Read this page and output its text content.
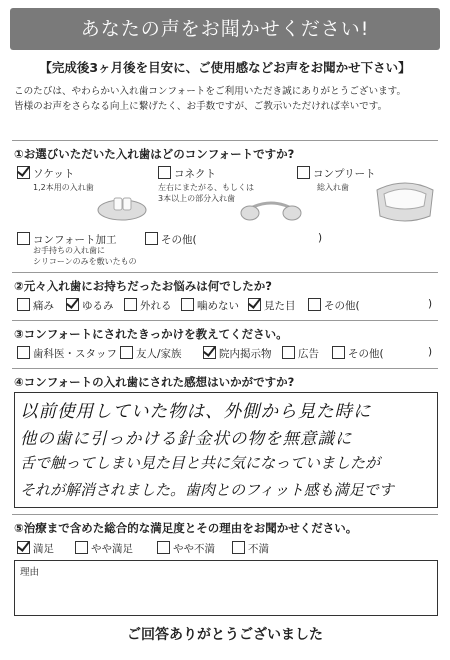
あなたの声をお聞かせください!
【完成後3ヶ月後を目安に、ご使用感などお声をお聞かせ下さい】
このたびは、やわらかい入れ歯コンフォートをご利用いただき誠にありがとうございます。
皆様のお声をさらなる向上に繋げたく、お手数ですが、ご教示いただければ幸いです。
①お選びいただいた入れ歯はどのコンフォートですか?
ソケット
1,2本用の入れ歯
コネクト
左右にまたがる、もしくは
3本以上の部分入れ歯
コンプリート
総入れ歯
コンフォート加工
お手持ちの入れ歯に
シリコーンのみを敷いたもの
その他(	)
②元々入れ歯にお持ちだったお悩みは何でしたか?
痛み	ゆるみ	外れる 噛めない 見た目	その他(	)
③コンフォートにされたきっかけを教えてください。
歯科医・スタッフ 友人/家族	院内掲示物	広告	その他(	)
④コンフォートの入れ歯にされた感想はいかがですか?
以前使用していた物は、外側から見た時に
他の歯に引っかける針金状の物を無意識に
舌で触ってしまい見た目と共に気になっていましたが
それが解消されました。歯肉とのフィット感も満足です
⑤治療まで含めた総合的な満足度とその理由をお聞かせください。
満足	やや満足	やや不満	不満
理由
ご回答ありがとうございました
